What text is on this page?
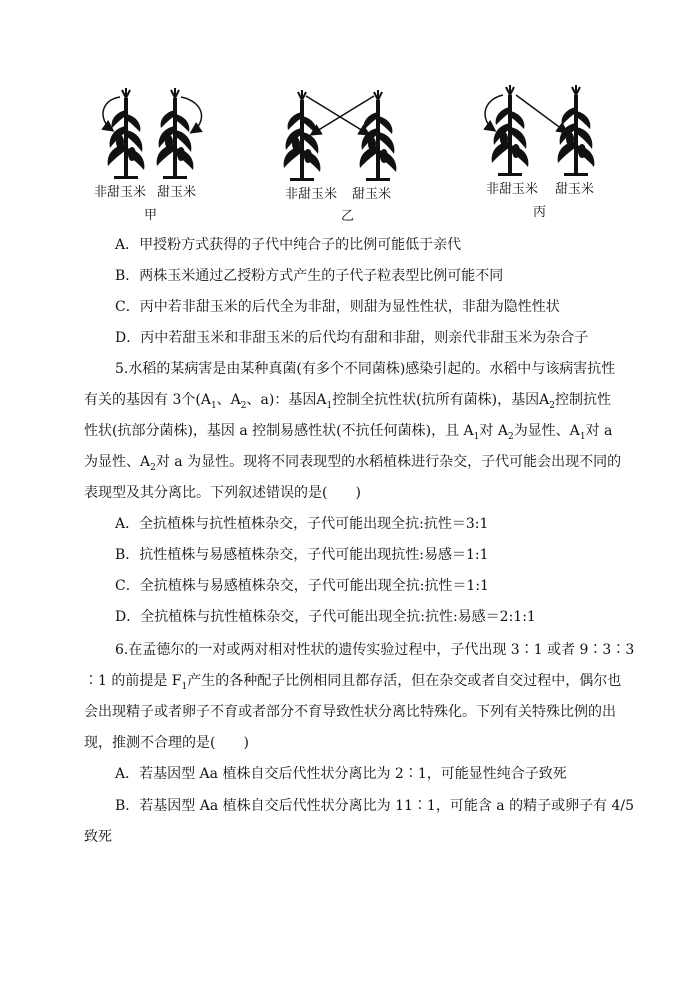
非甜玉米 甜玉米
甲
非甜玉米 甜玉米
乙
非甜玉米 甜玉米
丙
A．甲授粉方式获得的子代中纯合子的比例可能低于亲代
B．两株玉米通过乙授粉方式产生的子代子粒表型比例可能不同
C．丙中若非甜玉米的后代全为非甜，则甜为显性性状，非甜为隐性性状
D．丙中若甜玉米和非甜玉米的后代均有甜和非甜，则亲代非甜玉米为杂合子
5.水稻的某病害是由某种真菌(有多个不同菌株)感染引起的。水稻中与该病害抗性
有关的基因有 3个($A_1$、$A_2$、a)：基因$A_1$控制全抗性状(抗所有菌株)，基因$A_2$控制抗性
性状(抗部分菌株)，基因 a 控制易感性状(不抗任何菌株)，且 $A_1$对 $A_2$为显性、$A_1$对 a
为显性、$A_2$对 a 为显性。现将不同表现型的水稻植株进行杂交，子代可能会出现不同的
表现型及其分离比。下列叙述错误的是(　　)
A．全抗植株与抗性植株杂交，子代可能出现全抗:抗性＝3:1
B．抗性植株与易感植株杂交，子代可能出现抗性:易感＝1:1
C．全抗植株与易感植株杂交，子代可能出现全抗:抗性＝1:1
D．全抗植株与抗性植株杂交，子代可能出现全抗:抗性:易感＝2:1:1
6.在孟德尔的一对或两对相对性状的遗传实验过程中，子代出现 3∶1 或者 9∶3∶3
∶1 的前提是 $F_1$产生的各种配子比例相同且都存活，但在杂交或者自交过程中，偶尔也
会出现精子或者卵子不育或者部分不育导致性状分离比特殊化。下列有关特殊比例的出
现，推测不合理的是(　　)
A．若基因型 Aa 植株自交后代性状分离比为 2∶1，可能显性纯合子致死
B．若基因型 Aa 植株自交后代性状分离比为 11∶1，可能含 a 的精子或卵子有 4/5
致死
